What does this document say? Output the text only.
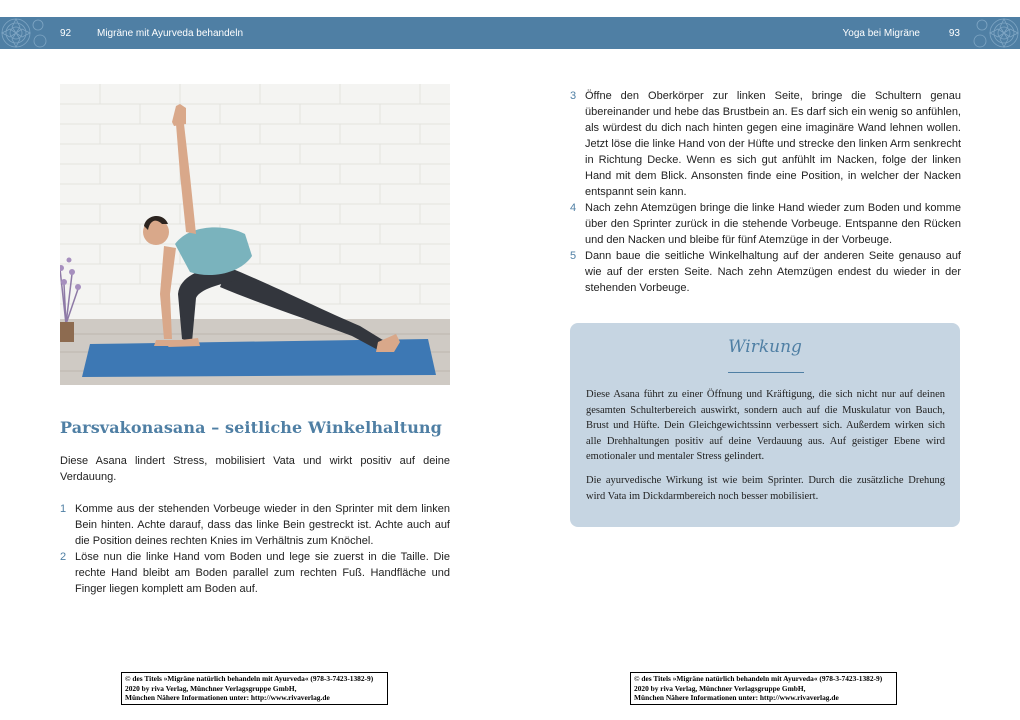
92	Migräne mit Ayurveda behandeln	Yoga bei Migräne	93
Parsvakonasana – seitliche Winkelhaltung

Diese Asana lindert Stress, mobilisiert Vata und wirkt positiv auf deine Verdauung.

1 Komme aus der stehenden Vorbeuge wieder in den Sprinter mit dem linken Bein hinten. Achte darauf, dass das linke Bein gestreckt ist. Achte auch auf die Position deines rechten Knies im Verhältnis zum Knöchel.
2 Löse nun die linke Hand vom Boden und lege sie zuerst in die Taille. Die rechte Hand bleibt am Boden parallel zum rechten Fuß. Handfläche und Finger liegen komplett am Boden auf.
3 Öffne den Oberkörper zur linken Seite, bringe die Schultern genau übereinander und hebe das Brustbein an. Es darf sich ein wenig so anfühlen, als würdest du dich nach hinten gegen eine imaginäre Wand lehnen wollen. Jetzt löse die linke Hand von der Hüfte und strecke den linken Arm senkrecht in Richtung Decke. Wenn es sich gut anfühlt im Nacken, folge der linken Hand mit dem Blick. Ansonsten finde eine Position, in welcher der Nacken entspannt sein kann.
4 Nach zehn Atemzügen bringe die linke Hand wieder zum Boden und komme über den Sprinter zurück in die stehende Vorbeuge. Entspanne den Rücken und den Nacken und bleibe für fünf Atemzüge in der Vorbeuge.
5 Dann baue die seitliche Winkelhaltung auf der anderen Seite genauso auf wie auf der ersten Seite. Nach zehn Atemzügen endest du wieder in der stehenden Vorbeuge.
Wirkung

Diese Asana führt zu einer Öffnung und Kräftigung, die sich nicht nur auf deinen gesamten Schulterbereich auswirkt, sondern auch auf die Muskulatur von Bauch, Brust und Hüfte. Dein Gleichgewichtssinn verbessert sich. Außerdem wirken sich alle Drehhaltungen positiv auf deine Verdauung aus. Auf geistiger Ebene wird emotionaler und mentaler Stress gelindert.

Die ayurvedische Wirkung ist wie beim Sprinter. Durch die zusätzliche Drehung wird Vata im Dickdarmbereich noch besser mobilisiert.

© des Titels »Migräne natürlich behandeln mit Ayurveda« (978-3-7423-1382-9)
2020 by riva Verlag, Münchner Verlagsgruppe GmbH,
München Nähere Informationen unter: http://www.rivaverlag.de
© des Titels »Migräne natürlich behandeln mit Ayurveda« (978-3-7423-1382-9)
2020 by riva Verlag, Münchner Verlagsgruppe GmbH,
München Nähere Informationen unter: http://www.rivaverlag.de
